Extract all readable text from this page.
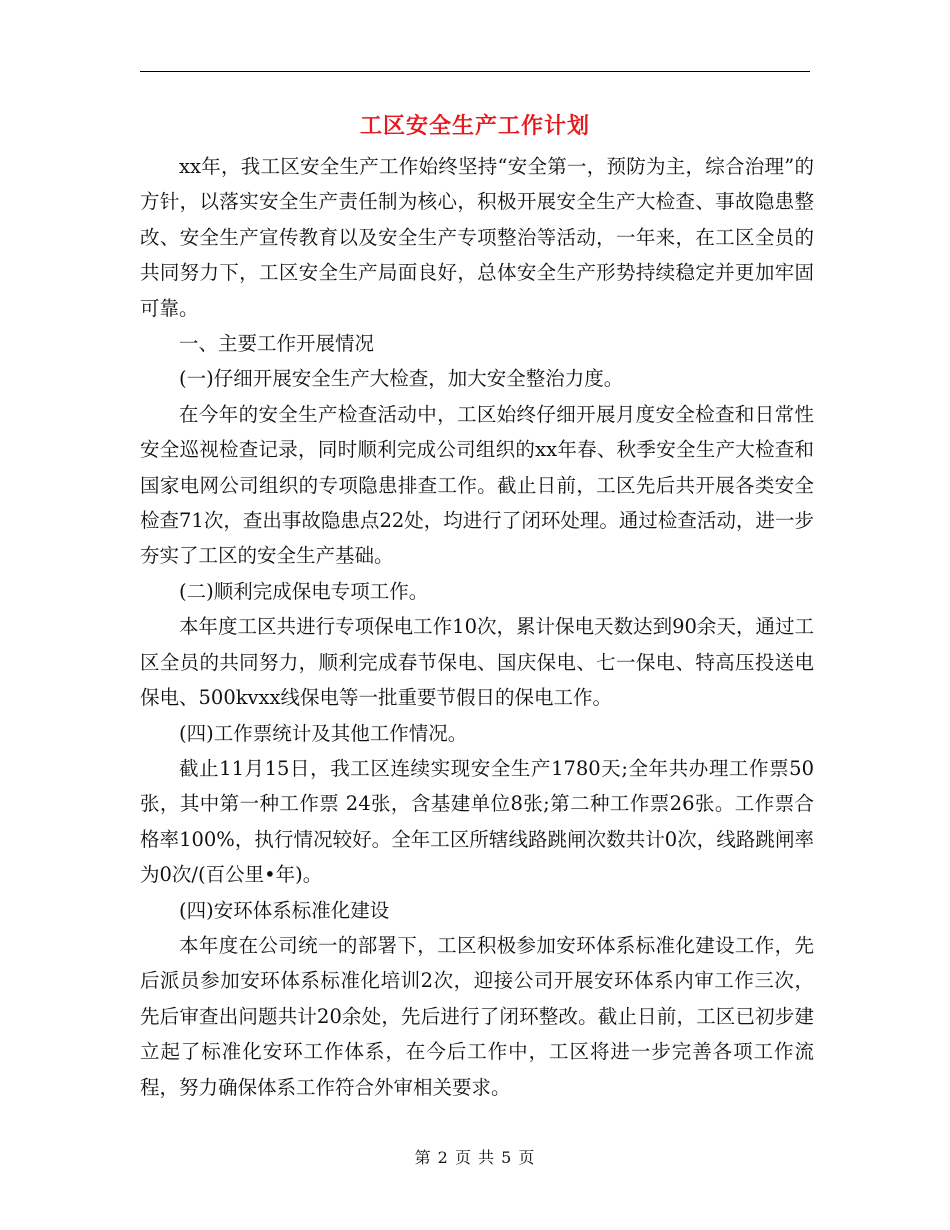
工区安全生产工作计划

xx年，我工区安全生产工作始终坚持“安全第一，预防为主，综合治理”的方针，以落实安全生产责任制为核心，积极开展安全生产大检查、事故隐患整改、安全生产宣传教育以及安全生产专项整治等活动，一年来，在工区全员的共同努力下，工区安全生产局面良好，总体安全生产形势持续稳定并更加牢固可靠。

一、主要工作开展情况

(一)仔细开展安全生产大检查，加大安全整治力度。

在今年的安全生产检查活动中，工区始终仔细开展月度安全检查和日常性安全巡视检查记录，同时顺利完成公司组织的xx年春、秋季安全生产大检查和国家电网公司组织的专项隐患排查工作。截止日前，工区先后共开展各类安全检查71次，查出事故隐患点22处，均进行了闭环处理。通过检查活动，进一步夯实了工区的安全生产基础。

(二)顺利完成保电专项工作。

本年度工区共进行专项保电工作10次，累计保电天数达到90余天，通过工区全员的共同努力，顺利完成春节保电、国庆保电、七一保电、特高压投送电保电、500kvxx线保电等一批重要节假日的保电工作。

(四)工作票统计及其他工作情况。

截止11月15日，我工区连续实现安全生产1780天;全年共办理工作票50张，其中第一种工作票 24张，含基建单位8张;第二种工作票26张。工作票合格率100%，执行情况较好。全年工区所辖线路跳闸次数共计0次，线路跳闸率为0次/(百公里•年)。

(四)安环体系标准化建设

本年度在公司统一的部署下，工区积极参加安环体系标准化建设工作，先后派员参加安环体系标准化培训2次，迎接公司开展安环体系内审工作三次，先后审查出问题共计20余处，先后进行了闭环整改。截止日前，工区已初步建立起了标准化安环工作体系，在今后工作中，工区将进一步完善各项工作流程，努力确保体系工作符合外审相关要求。

第 2 页 共 5 页
